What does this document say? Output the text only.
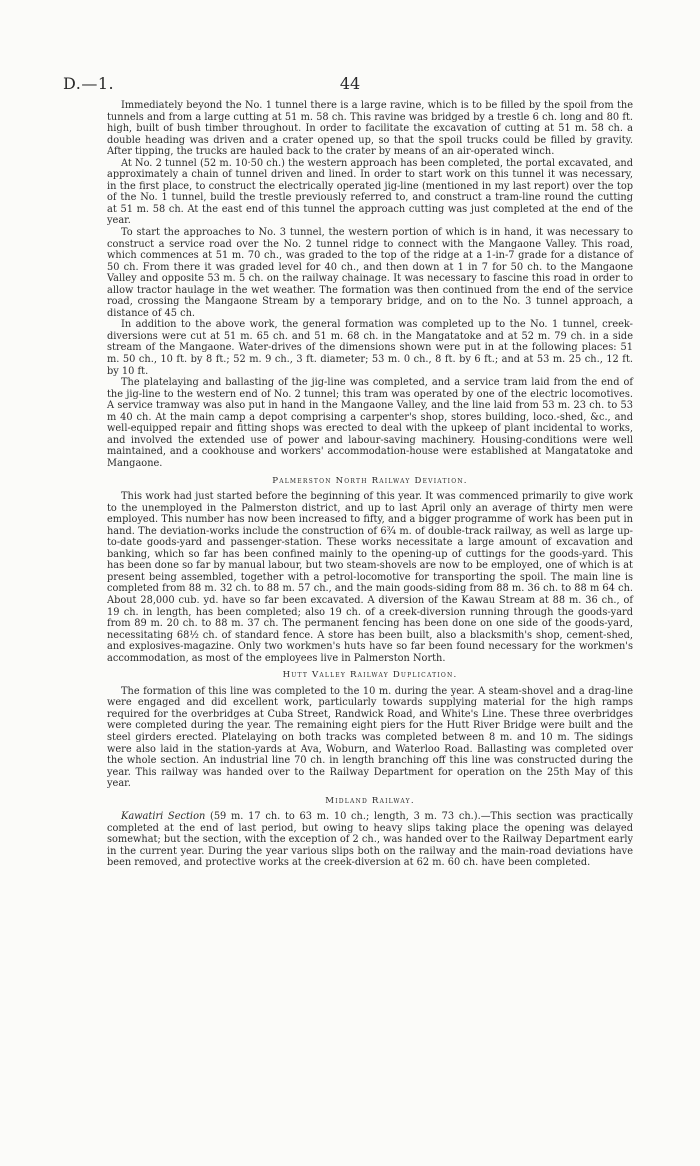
D.—1.	44

Immediately beyond the No. 1 tunnel there is a large ravine, which is to be filled by the spoil from the tunnels and from a large cutting at 51 m. 58 ch. This ravine was bridged by a trestle 6 ch. long and 80 ft. high, built of bush timber throughout. In order to facilitate the excavation of cutting at 51 m. 58 ch. a double heading was driven and a crater opened up, so that the spoil trucks could be filled by gravity. After tipping, the trucks are hauled back to the crater by means of an air-operated winch.

At No. 2 tunnel (52 m. 10·50 ch.) the western approach has been completed, the portal excavated, and approximately a chain of tunnel driven and lined. In order to start work on this tunnel it was necessary, in the first place, to construct the electrically operated jig-line (mentioned in my last report) over the top of the No. 1 tunnel, build the trestle previously referred to, and construct a tram-line round the cutting at 51 m. 58 ch. At the east end of this tunnel the approach cutting was just completed at the end of the year.

To start the approaches to No. 3 tunnel, the western portion of which is in hand, it was necessary to construct a service road over the No. 2 tunnel ridge to connect with the Mangaone Valley. This road, which commences at 51 m. 70 ch., was graded to the top of the ridge at a 1-in-7 grade for a distance of 50 ch. From there it was graded level for 40 ch., and then down at 1 in 7 for 50 ch. to the Mangaone Valley and opposite 53 m. 5 ch. on the railway chainage. It was necessary to fascine this road in order to allow tractor haulage in the wet weather. The formation was then continued from the end of the service road, crossing the Mangaone Stream by a temporary bridge, and on to the No. 3 tunnel approach, a distance of 45 ch.

In addition to the above work, the general formation was completed up to the No. 1 tunnel, creek-diversions were cut at 51 m. 65 ch. and 51 m. 68 ch. in the Mangatatoke and at 52 m. 79 ch. in a side stream of the Mangaone. Water-drives of the dimensions shown were put in at the following places: 51 m. 50 ch., 10 ft. by 8 ft.; 52 m. 9 ch., 3 ft. diameter; 53 m. 0 ch., 8 ft. by 6 ft.; and at 53 m. 25 ch., 12 ft. by 10 ft.

The platelaying and ballasting of the jig-line was completed, and a service tram laid from the end of the jig-line to the western end of No. 2 tunnel; this tram was operated by one of the electric locomotives. A service tramway was also put in hand in the Mangaone Valley, and the line laid from 53 m. 23 ch. to 53 m 40 ch. At the main camp a depot comprising a carpenter's shop, stores building, loco.-shed, &c., and well-equipped repair and fitting shops was erected to deal with the upkeep of plant incidental to works, and involved the extended use of power and labour-saving machinery. Housing-conditions were well maintained, and a cookhouse and workers' accommodation-house were established at Mangatatoke and Mangaone.

Palmerston North Railway Deviation.

This work had just started before the beginning of this year. It was commenced primarily to give work to the unemployed in the Palmerston district, and up to last April only an average of thirty men were employed. This number has now been increased to fifty, and a bigger programme of work has been put in hand. The deviation-works include the construction of 6¾ m. of double-track railway, as well as large up-to-date goods-yard and passenger-station. These works necessitate a large amount of excavation and banking, which so far has been confined mainly to the opening-up of cuttings for the goods-yard. This has been done so far by manual labour, but two steam-shovels are now to be employed, one of which is at present being assembled, together with a petrol-locomotive for transporting the spoil. The main line is completed from 88 m. 32 ch. to 88 m. 57 ch., and the main goods-siding from 88 m. 36 ch. to 88 m 64 ch. About 28,000 cub. yd. have so far been excavated. A diversion of the Kawau Stream at 88 m. 36 ch., of 19 ch. in length, has been completed; also 19 ch. of a creek-diversion running through the goods-yard from 89 m. 20 ch. to 88 m. 37 ch. The permanent fencing has been done on one side of the goods-yard, necessitating 68½ ch. of standard fence. A store has been built, also a blacksmith's shop, cement-shed, and explosives-magazine. Only two workmen's huts have so far been found necessary for the workmen's accommodation, as most of the employees live in Palmerston North.

Hutt Valley Railway Duplication.

The formation of this line was completed to the 10 m. during the year. A steam-shovel and a drag-line were engaged and did excellent work, particularly towards supplying material for the high ramps required for the overbridges at Cuba Street, Randwick Road, and White's Line. These three overbridges were completed during the year. The remaining eight piers for the Hutt River Bridge were built and the steel girders erected. Platelaying on both tracks was completed between 8 m. and 10 m. The sidings were also laid in the station-yards at Ava, Woburn, and Waterloo Road. Ballasting was completed over the whole section. An industrial line 70 ch. in length branching off this line was constructed during the year. This railway was handed over to the Railway Department for operation on the 25th May of this year.

Midland Railway.

Kawatiri Section (59 m. 17 ch. to 63 m. 10 ch.; length, 3 m. 73 ch.).—This section was practically completed at the end of last period, but owing to heavy slips taking place the opening was delayed somewhat; but the section, with the exception of 2 ch., was handed over to the Railway Department early in the current year. During the year various slips both on the railway and the main-road deviations have been removed, and protective works at the creek-diversion at 62 m. 60 ch. have been completed.
